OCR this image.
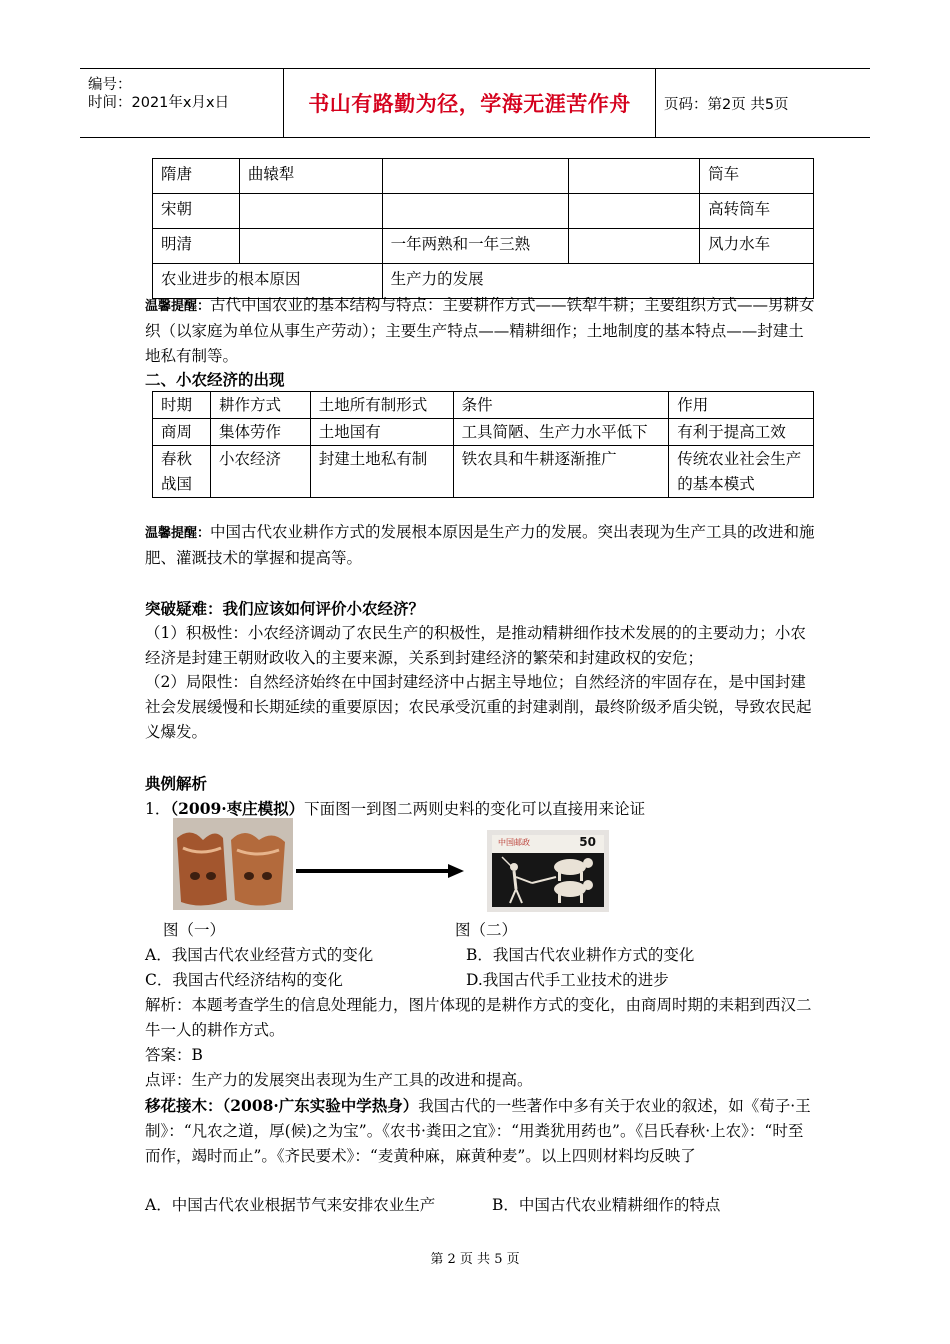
编号：
时间：2021年x月x日	书山有路勤为径，学海无涯苦作舟 页码：第2页 共5页
隋唐	曲辕犁			筒车
宋朝				高转筒车
明清		一年两熟和一年三熟		风力水车
农业进步的根本原因		生产力的发展		
温馨提醒：古代中国农业的基本结构与特点：主要耕作方式——铁犁牛耕；主要组织方式——男耕女织（以家庭为单位从事生产劳动）；主要生产特点——精耕细作；土地制度的基本特点——封建土地私有制等。
二、小农经济的出现
时期	耕作方式	土地所有制形式	条件	作用
商周	集体劳作	土地国有	工具简陋、生产力水平低下	有利于提高工效
春秋战国	小农经济	封建土地私有制	铁农具和牛耕逐渐推广	传统农业社会生产的基本模式
温馨提醒：中国古代农业耕作方式的发展根本原因是生产力的发展。突出表现为生产工具的改进和施肥、灌溉技术的掌握和提高等。
突破疑难：我们应该如何评价小农经济？
（1）积极性：小农经济调动了农民生产的积极性，是推动精耕细作技术发展的的主要动力；小农经济是封建王朝财政收入的主要来源，关系到封建经济的繁荣和封建政权的安危；
（2）局限性：自然经济始终在中国封建经济中占据主导地位；自然经济的牢固存在，是中国封建社会发展缓慢和长期延续的重要原因；农民承受沉重的封建剥削，最终阶级矛盾尖锐，导致农民起义爆发。
典例解析
1．（2009·枣庄模拟）下面图一到图二两则史料的变化可以直接用来论证
中国邮政	50
图（一）	图（二）
A．我国古代农业经营方式的变化	B．我国古代农业耕作方式的变化
C．我国古代经济结构的变化	D.我国古代手工业技术的进步
解析：本题考查学生的信息处理能力，图片体现的是耕作方式的变化，由商周时期的耒耜到西汉二牛一人的耕作方式。
答案：B
点评：生产力的发展突出表现为生产工具的改进和提高。
移花接木：（2008·广东实验中学热身）我国古代的一些著作中多有关于农业的叙述，如《荀子·王制》：“凡农之道，厚(候)之为宝”。《农书·粪田之宜》：“用粪犹用药也”。《吕氏春秋·上农》：“时至而作，竭时而止”。《齐民要术》：“麦黄种麻，麻黄种麦”。以上四则材料均反映了
A．中国古代农业根据节气来安排农业生产	B．中国古代农业精耕细作的特点
第 2 页 共 5 页
